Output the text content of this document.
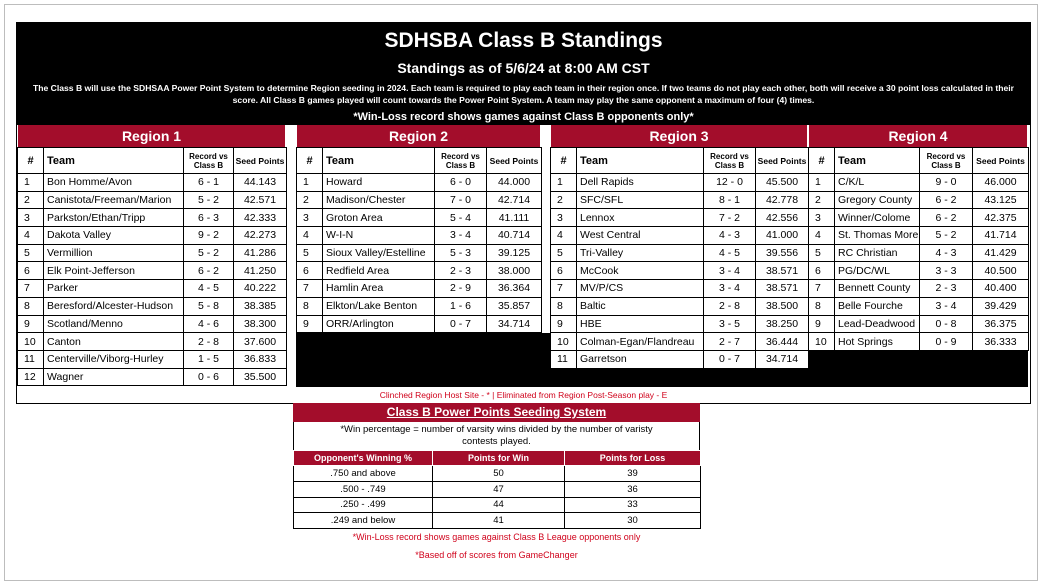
SDHSBA Class B Standings
Standings as of 5/6/24 at 8:00 AM CST
The Class B will use the SDHSAA Power Point System to determine Region seeding in 2024. Each team is required to play each team in their region once. If two teams do not play each other, both will receive a 30 point loss calculated in their score. All Class B games played will count towards the Power Point System. A team may play the same opponent a maximum of four (4) times.
*Win-Loss record shows games against Class B opponents only*
Region 1
#	Team	Record vs
Class B	Seed Points
1	Bon Homme/Avon	6 - 1	44.143
2	Canistota/Freeman/Marion	5 - 2	42.571
3	Parkston/Ethan/Tripp	6 - 3	42.333
4	Dakota Valley	9 - 2	42.273
5	Vermillion	5 - 2	41.286
6	Elk Point-Jefferson	6 - 2	41.250
7	Parker	4 - 5	40.222
8	Beresford/Alcester-Hudson	5 - 8	38.385
9	Scotland/Menno	4 - 6	38.300
10	Canton	2 - 8	37.600
11	Centerville/Viborg-Hurley	1 - 5	36.833
12	Wagner	0 - 6	35.500
Region 2
#	Team	Record vs
Class B	Seed Points
1	Howard	6 - 0	44.000
2	Madison/Chester	7 - 0	42.714
3	Groton Area	5 - 4	41.111
4	W-I-N	3 - 4	40.714
5	Sioux Valley/Estelline	5 - 3	39.125
6	Redfield Area	2 - 3	38.000
7	Hamlin Area	2 - 9	36.364
8	Elkton/Lake Benton	1 - 6	35.857
9	ORR/Arlington	0 - 7	34.714
Region 3
#	Team	Record vs
Class B	Seed Points
1	Dell Rapids	12 - 0	45.500
2	SFC/SFL	8 - 1	42.778
3	Lennox	7 - 2	42.556
4	West Central	4 - 3	41.000
5	Tri-Valley	4 - 5	39.556
6	McCook	3 - 4	38.571
7	MV/P/CS	3 - 4	38.571
8	Baltic	2 - 8	38.500
9	HBE	3 - 5	38.250
10	Colman-Egan/Flandreau	2 - 7	36.444
11	Garretson	0 - 7	34.714
Region 4
#	Team	Record vs
Class B	Seed Points
1	C/K/L	9 - 0	46.000
2	Gregory County	6 - 2	43.125
3	Winner/Colome	6 - 2	42.375
4	St. Thomas More	5 - 2	41.714
5	RC Christian	4 - 3	41.429
6	PG/DC/WL	3 - 3	40.500
7	Bennett County	2 - 3	40.400
8	Belle Fourche	3 - 4	39.429
9	Lead-Deadwood	0 - 8	36.375
10	Hot Springs	0 - 9	36.333
Clinched Region Host Site - * | Eliminated from Region Post-Season play - E
Class B Power Points Seeding System
*Win percentage = number of varsity wins divided by the number of varisty contests played.
Opponent's Winning %	Points for Win	Points for Loss
.750 and above	50	39
.500 - .749	47	36
.250 - .499	44	33
.249 and below	41	30
*Win-Loss record shows games against Class B League opponents only
*Based off of scores from GameChanger
